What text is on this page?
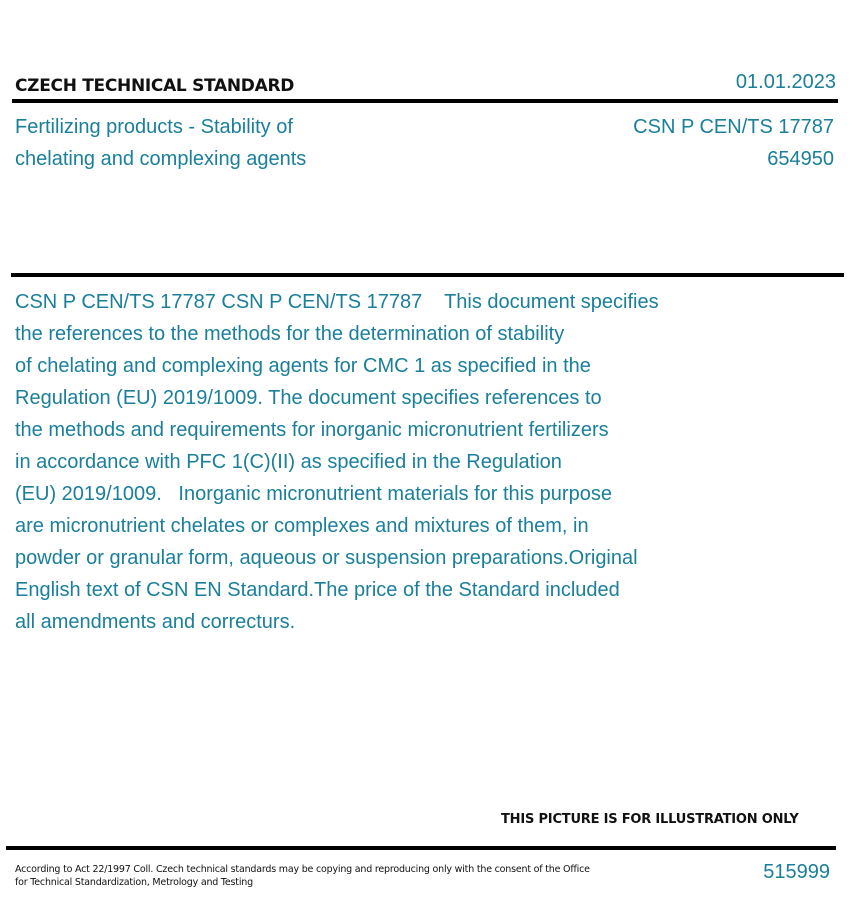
CZECH TECHNICAL STANDARD	01.01.2023
Fertilizing products - Stability of
chelating and complexing agents
CSN P CEN/TS 17787
654950
CSN P CEN/TS 17787 CSN P CEN/TS 17787    This document specifies
the references to the methods for the determination of stability
of chelating and complexing agents for CMC 1 as specified in the
Regulation (EU) 2019/1009. The document specifies references to
the methods and requirements for inorganic micronutrient fertilizers
in accordance with PFC 1(C)(II) as specified in the Regulation
(EU) 2019/1009.   Inorganic micronutrient materials for this purpose
are micronutrient chelates or complexes and mixtures of them, in
powder or granular form, aqueous or suspension preparations.Original
English text of CSN EN Standard.The price of the Standard included
all amendments and correcturs.
THIS PICTURE IS FOR ILLUSTRATION ONLY
According to Act 22/1997 Coll. Czech technical standards may be copying and reproducing only with the consent of the Office
for Technical Standardization, Metrology and Testing	515999
